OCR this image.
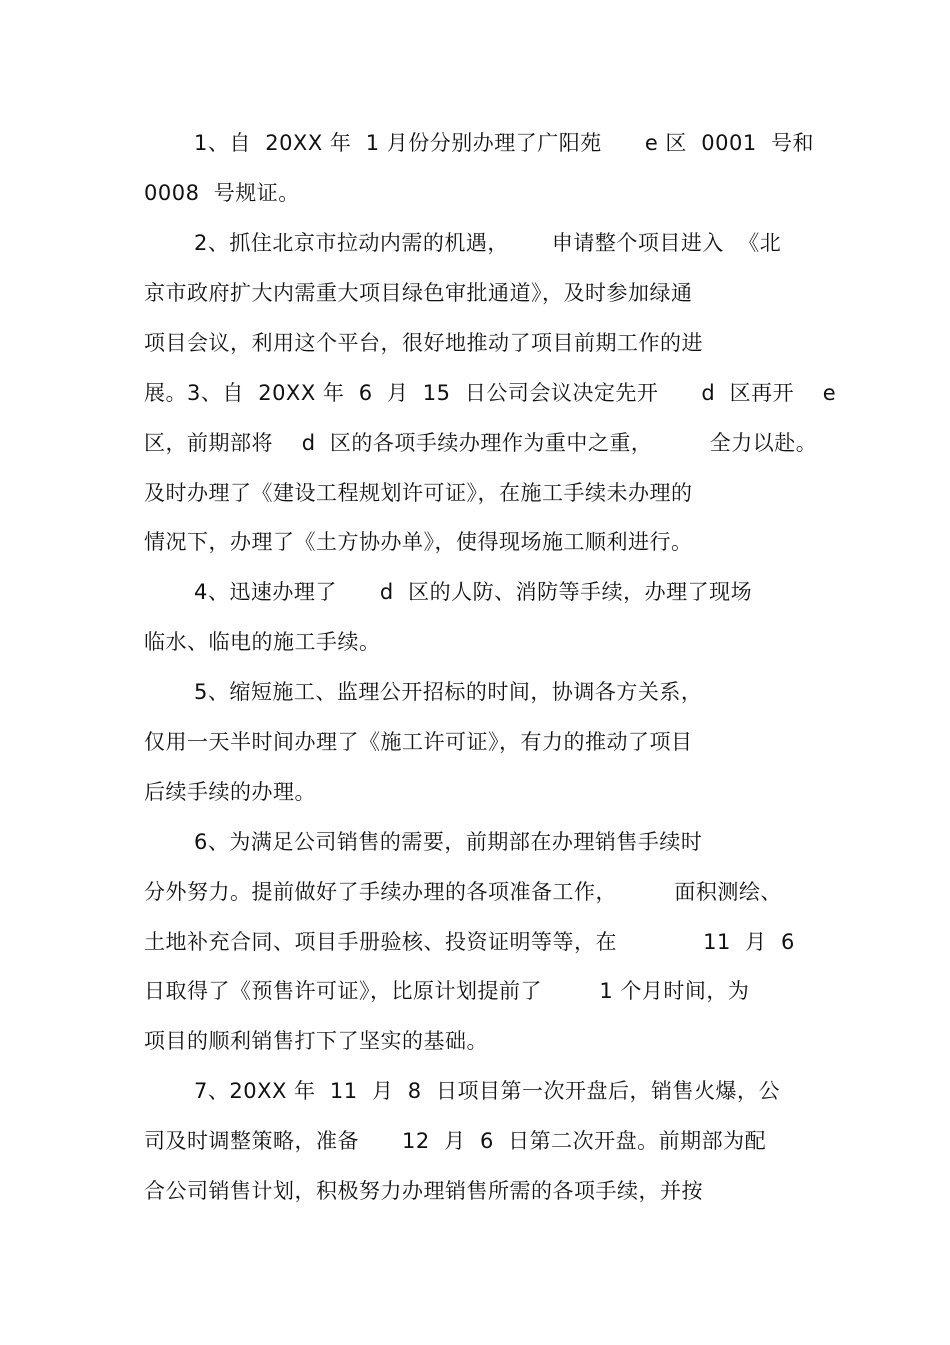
1、自  20XX 年  1 月份分别办理了广阳苑      e 区  0001  号和
0008  号规证。
2、抓住北京市拉动内需的机遇，      申请整个项目进入  《北
京市政府扩大内需重大项目绿色审批通道》，及时参加绿通
项目会议，利用这个平台，很好地推动了项目前期工作的进
展。3、自  20XX 年  6  月  15  日公司会议决定先开      d  区再开    e
区，前期部将    d  区的各项手续办理作为重中之重，        全力以赴。
及时办理了《建设工程规划许可证》，在施工手续未办理的
情况下，办理了《土方协办单》，使得现场施工顺利进行。
4、迅速办理了      d  区的人防、消防等手续，办理了现场
临水、临电的施工手续。
5、缩短施工、监理公开招标的时间，协调各方关系，
仅用一天半时间办理了《施工许可证》，有力的推动了项目
后续手续的办理。
6、为满足公司销售的需要，前期部在办理销售手续时
分外努力。提前做好了手续办理的各项准备工作，        面积测绘、
土地补充合同、项目手册验核、投资证明等等，在            11  月  6
日取得了《预售许可证》，比原计划提前了        1 个月时间，为
项目的顺利销售打下了坚实的基础。
7、20XX 年  11  月  8  日项目第一次开盘后，销售火爆，公
司及时调整策略，准备      12  月  6  日第二次开盘。前期部为配
合公司销售计划，积极努力办理销售所需的各项手续，并按
